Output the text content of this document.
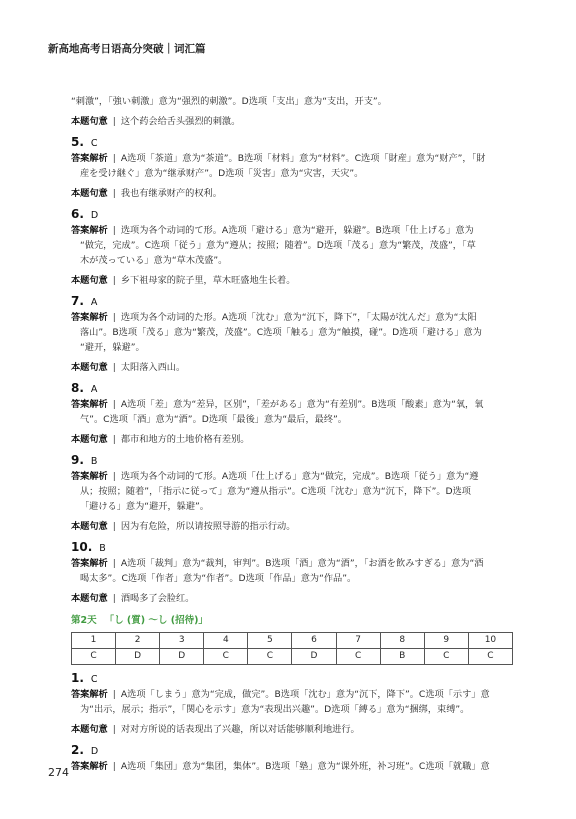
新高地高考日语高分突破｜词汇篇
“刺激”，「強い刺激」意为“强烈的刺激”。D选项「支出」意为“支出，开支”。
本题句意 | 这个药会给舌头强烈的刺激。
5. C
答案解析 | A选项「茶道」意为“茶道”。B选项「材料」意为“材料”。C选项「財産」意为“财产”，「財
産を受け継ぐ」意为“继承财产”。D选项「災害」意为“灾害，天灾”。
本题句意 | 我也有继承财产的权利。
6. D
答案解析 | 选项为各个动词的て形。A选项「避ける」意为“避开，躲避”。B选项「仕上げる」意为
“做完，完成”。C选项「従う」意为“遵从；按照；随着”。D选项「茂る」意为“繁茂，茂盛”，「草
木が茂っている」意为“草木茂盛”。
本题句意 | 乡下祖母家的院子里，草木旺盛地生长着。
7. A
答案解析 | 选项为各个动词的た形。A选项「沈む」意为“沉下，降下”，「太陽が沈んだ」意为“太阳
落山”。B选项「茂る」意为“繁茂，茂盛”。C选项「触る」意为“触摸，碰”。D选项「避ける」意为
“避开，躲避”。
本题句意 | 太阳落入西山。
8. A
答案解析 | A选项「差」意为“差异，区别”，「差がある」意为“有差别”。B选项「酸素」意为“氧，氧
气”。C选项「酒」意为“酒”。D选项「最後」意为“最后，最终”。
本题句意 | 都市和地方的土地价格有差别。
9. B
答案解析 | 选项为各个动词的て形。A选项「仕上げる」意为“做完，完成”。B选项「従う」意为“遵
从；按照；随着”，「指示に従って」意为“遵从指示”。C选项「沈む」意为“沉下，降下”。D选项
「避ける」意为“避开，躲避”。
本题句意 | 因为有危险，所以请按照导游的指示行动。
10. B
答案解析 | A选项「裁判」意为“裁判，审判”。B选项「酒」意为“酒”，「お酒を飲みすぎる」意为“酒
喝太多”。C选项「作者」意为“作者”。D选项「作品」意为“作品”。
本题句意 | 酒喝多了会脸红。
第2天 「し (質) ～し (招待)」
1	2	3	4	5	6	7	8	9	10
C	D	D	C	C	D	C	B	C	C
1. C
答案解析 | A选项「しまう」意为“完成，做完”。B选项「沈む」意为“沉下，降下”。C选项「示す」意
为“出示，展示；指示”，「関心を示す」意为“表现出兴趣”。D选项「縛る」意为“捆绑，束缚”。
本题句意 | 对对方所说的话表现出了兴趣，所以对话能够顺利地进行。
2. D
答案解析 | A选项「集団」意为“集团，集体”。B选项「塾」意为“课外班，补习班”。C选项「就職」意
274
